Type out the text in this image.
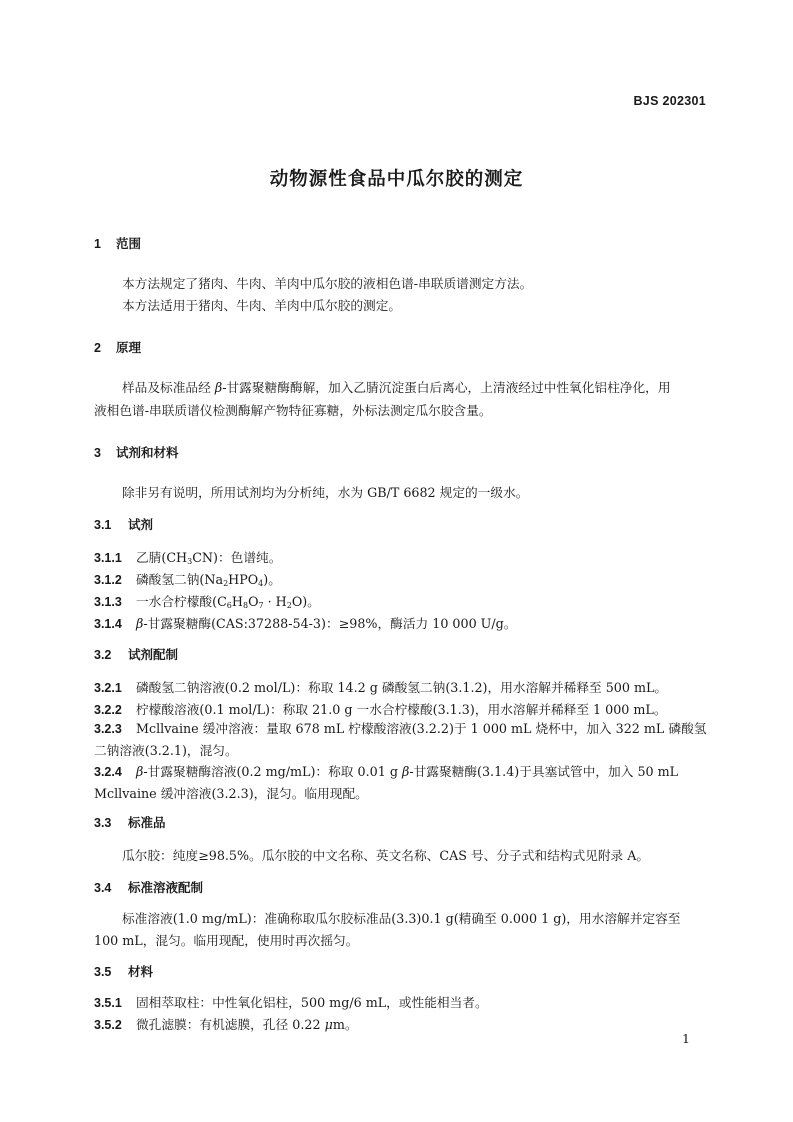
BJS 202301
动物源性食品中瓜尔胶的测定
1 范围
本方法规定了猪肉、牛肉、羊肉中瓜尔胶的液相色谱-串联质谱测定方法。
本方法适用于猪肉、牛肉、羊肉中瓜尔胶的测定。
2 原理
样品及标准品经 β-甘露聚糖酶酶解，加入乙腈沉淀蛋白后离心，上清液经过中性氧化铝柱净化，用
液相色谱-串联质谱仪检测酶解产物特征寡糖，外标法测定瓜尔胶含量。
3 试剂和材料
除非另有说明，所用试剂均为分析纯，水为 GB/T 6682 规定的一级水。
3.1 试剂
3.1.1 乙腈$(CH_3CN)$：色谱纯。
3.1.2 磷酸氢二钠$(Na_2HPO_4)$。
3.1.3 一水合柠檬酸$(C_6H_8O_7 \cdot H_2O)$。
3.1.4 β-甘露聚糖酶(CAS:37288-54-3)：≥98%，酶活力 10 000 U/g。
3.2 试剂配制
3.2.1 磷酸氢二钠溶液(0.2 mol/L)：称取 14.2 g 磷酸氢二钠(3.1.2)，用水溶解并稀释至 500 mL。
3.2.2 柠檬酸溶液(0.1 mol/L)：称取 21.0 g 一水合柠檬酸(3.1.3)，用水溶解并稀释至 1 000 mL。
3.2.3 Mcllvaine 缓冲溶液：量取 678 mL 柠檬酸溶液(3.2.2)于 1 000 mL 烧杯中，加入 322 mL 磷酸氢
二钠溶液(3.2.1)，混匀。
3.2.4 β-甘露聚糖酶溶液(0.2 mg/mL)：称取 0.01 g β-甘露聚糖酶(3.1.4)于具塞试管中，加入 50 mL
Mcllvaine 缓冲溶液(3.2.3)，混匀。临用现配。
3.3 标准品
瓜尔胶：纯度≥98.5%。瓜尔胶的中文名称、英文名称、CAS 号、分子式和结构式见附录 A。
3.4 标准溶液配制
标准溶液(1.0 mg/mL)：准确称取瓜尔胶标准品(3.3)0.1 g(精确至 0.000 1 g)，用水溶解并定容至
100 mL，混匀。临用现配，使用时再次摇匀。
3.5 材料
3.5.1 固相萃取柱：中性氧化铝柱，500 mg/6 mL，或性能相当者。
3.5.2 微孔滤膜：有机滤膜，孔径 0.22 μm。
1
